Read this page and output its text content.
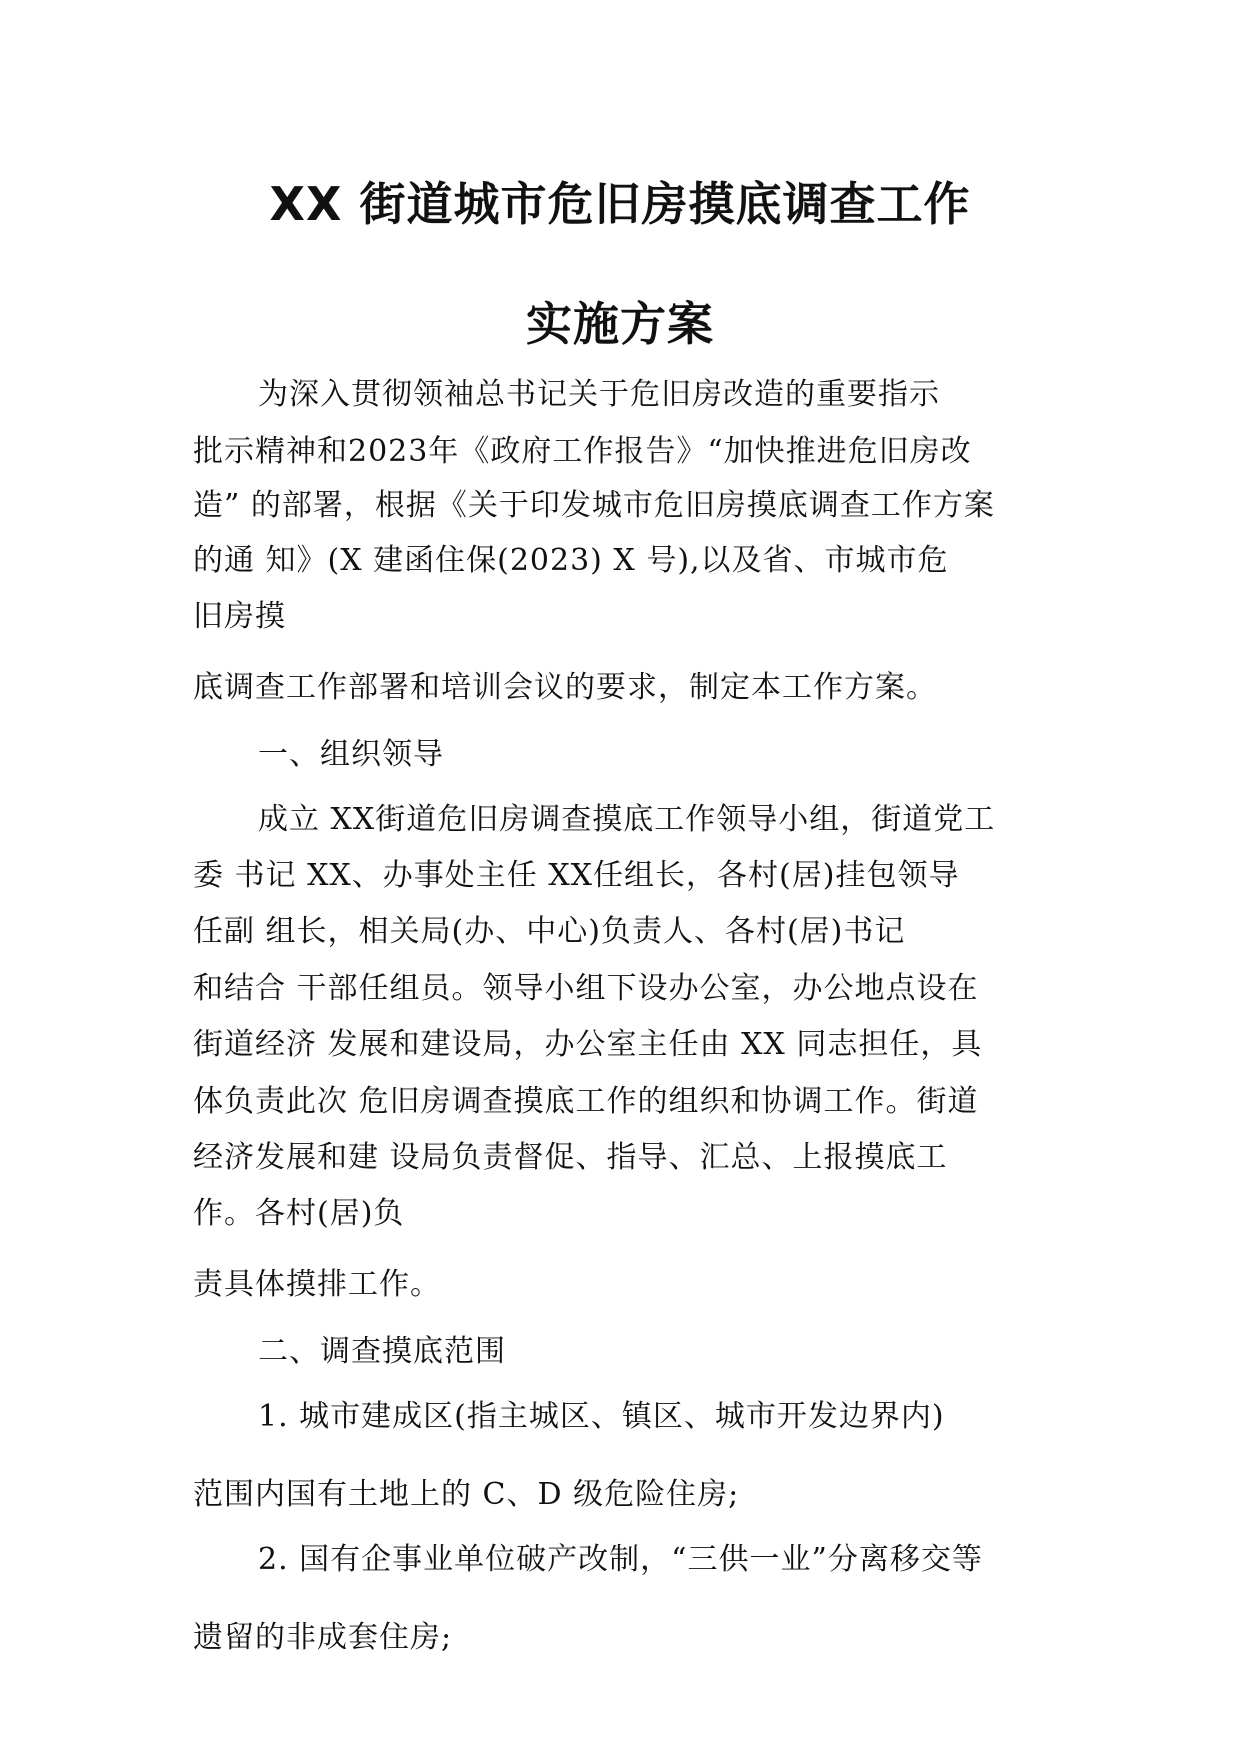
XX 街道城市危旧房摸底调查工作
实施方案
为深入贯彻领袖总书记关于危旧房改造的重要指示
批示精神和2023年《政府工作报告》“加快推进危旧房改
造” 的部署，根据《关于印发城市危旧房摸底调查工作方案
的通 知》(X 建函住保(2023) X 号),以及省、市城市危
旧房摸
底调查工作部署和培训会议的要求，制定本工作方案。
一、组织领导
成立 XX街道危旧房调查摸底工作领导小组，街道党工
委 书记 XX、办事处主任 XX任组长，各村(居)挂包领导
任副 组长，相关局(办、中心)负责人、各村(居)书记
和结合 干部任组员。领导小组下设办公室，办公地点设在
街道经济 发展和建设局，办公室主任由 XX 同志担任，具
体负责此次 危旧房调查摸底工作的组织和协调工作。街道
经济发展和建 设局负责督促、指导、汇总、上报摸底工
作。各村(居)负
责具体摸排工作。
二、调查摸底范围
1. 城市建成区(指主城区、镇区、城市开发边界内)
范围内国有土地上的 C、D 级危险住房;
2. 国有企事业单位破产改制，“三供一业”分离移交等
遗留的非成套住房;
